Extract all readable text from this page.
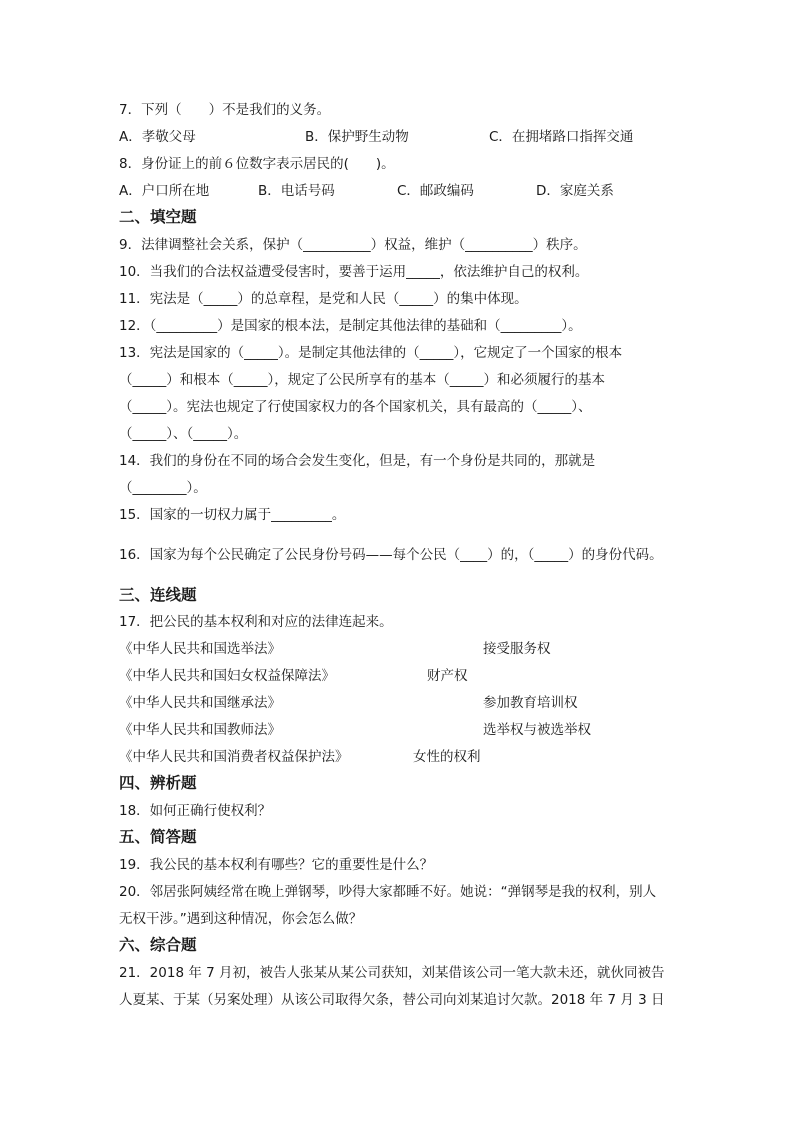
7．下列（　　）不是我们的义务。
A．孝敬父母	B．保护野生动物	C．在拥堵路口指挥交通
8．身份证上的前６位数字表示居民的(　　)。
A．户口所在地	B．电话号码	C．邮政编码	D．家庭关系
二、填空题
9．法律调整社会关系，保护（__________）权益，维护（__________）秩序。
10．当我们的合法权益遭受侵害时，要善于运用_____，依法维护自己的权利。
11．宪法是（_____）的总章程，是党和人民（_____）的集中体现。
12．（_________）是国家的根本法，是制定其他法律的基础和（_________）。
13．宪法是国家的（_____）。是制定其他法律的（_____），它规定了一个国家的根本
（_____）和根本（_____），规定了公民所享有的基本（_____）和必须履行的基本
（_____）。宪法也规定了行使国家权力的各个国家机关，具有最高的（_____）、
（_____）、（_____）。
14．我们的身份在不同的场合会发生变化，但是，有一个身份是共同的，那就是
（________）。
15．国家的一切权力属于_________。
16．国家为每个公民确定了公民身份号码——每个公民（____）的，（_____）的身份代码。
三、连线题
17．把公民的基本权利和对应的法律连起来。
《中华人民共和国选举法》	接受服务权
《中华人民共和国妇女权益保障法》	财产权
《中华人民共和国继承法》	参加教育培训权
《中华人民共和国教师法》	选举权与被选举权
《中华人民共和国消费者权益保护法》	女性的权利
四、辨析题
18．如何正确行使权利？
五、简答题
19．我公民的基本权利有哪些？它的重要性是什么？
20．邻居张阿姨经常在晚上弹钢琴，吵得大家都睡不好。她说：“弹钢琴是我的权利，别人
无权干涉。”遇到这种情况，你会怎么做？
六、综合题
21．2018 年 7 月初，被告人张某从某公司获知，刘某借该公司一笔大款未还，就伙同被告
人夏某、于某（另案处理）从该公司取得欠条，替公司向刘某追讨欠款。2018 年 7 月 3 日
